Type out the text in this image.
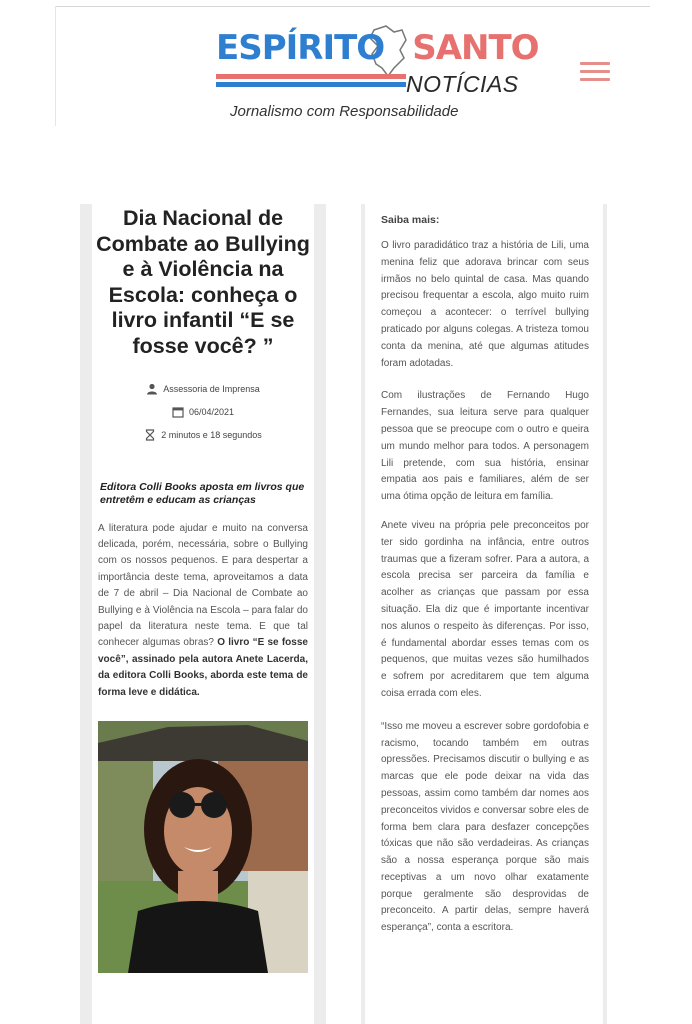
ESPÍRITO SANTO
NOTÍCIAS
Jornalismo com Responsabilidade
Dia Nacional de Combate ao Bullying e à Violência na Escola: conheça o livro infantil “E se fosse você? ”
Assessoria de Imprensa
06/04/2021
2 minutos e 18 segundos
Editora Colli Books aposta em livros que entretêm e educam as crianças
A literatura pode ajudar e muito na conversa delicada, porém, necessária, sobre o Bullying com os nossos pequenos. E para despertar a importância deste tema, aproveitamos a data de 7 de abril – Dia Nacional de Combate ao Bullying e à Violência na Escola – para falar do papel da literatura neste tema. E que tal conhecer algumas obras? O livro “E se fosse você”, assinado pela autora Anete Lacerda, da editora Colli Books, aborda este tema de forma leve e didática.
Saiba mais:

O livro paradidático traz a história de Lili, uma menina feliz que adorava brincar com seus irmãos no belo quintal de casa. Mas quando precisou frequentar a escola, algo muito ruim começou a acontecer: o terrível bullying praticado por alguns colegas. A tristeza tomou conta da menina, até que algumas atitudes foram adotadas.

Com ilustrações de Fernando Hugo Fernandes, sua leitura serve para qualquer pessoa que se preocupe com o outro e queira um mundo melhor para todos. A personagem Lili pretende, com sua história, ensinar empatia aos pais e familiares, além de ser uma ótima opção de leitura em família.

Anete viveu na própria pele preconceitos por ter sido gordinha na infância, entre outros traumas que a fizeram sofrer. Para a autora, a escola precisa ser parceira da família e acolher as crianças que passam por essa situação. Ela diz que é importante incentivar nos alunos o respeito às diferenças. Por isso, é fundamental abordar esses temas com os pequenos, que muitas vezes são humilhados e sofrem por acreditarem que tem alguma coisa errada com eles.

“Isso me moveu a escrever sobre gordofobia e racismo, tocando também em outras opressões. Precisamos discutir o bullying e as marcas que ele pode deixar na vida das pessoas, assim como também dar nomes aos preconceitos vividos e conversar sobre eles de forma bem clara para desfazer concepções tóxicas que não são verdadeiras. As crianças são a nossa esperança porque são mais receptivas a um novo olhar exatamente porque geralmente são desprovidas de preconceito. A partir delas, sempre haverá esperança”, conta a escritora.
